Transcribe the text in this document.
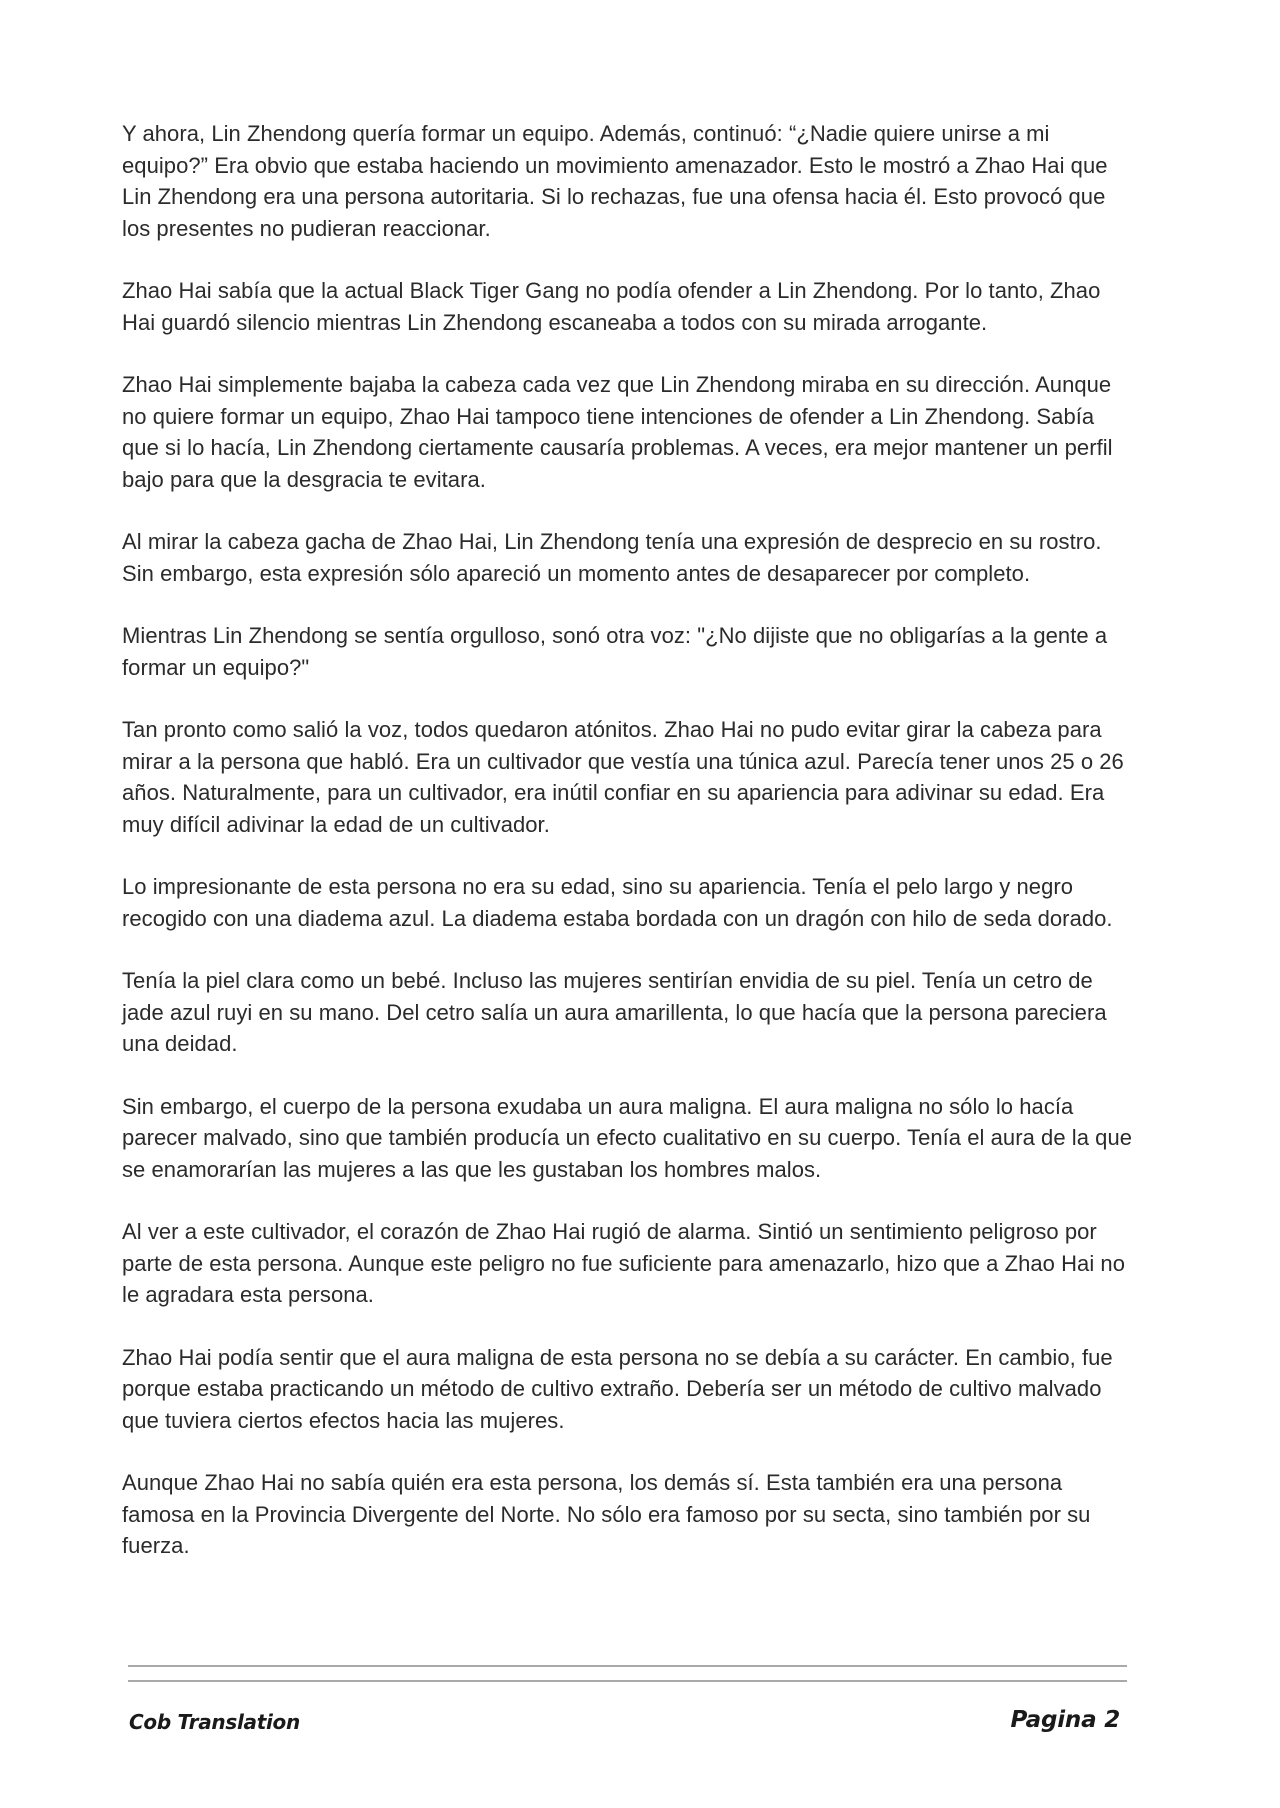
Y ahora, Lin Zhendong quería formar un equipo. Además, continuó: “¿Nadie quiere unirse a mi equipo?” Era obvio que estaba haciendo un movimiento amenazador. Esto le mostró a Zhao Hai que Lin Zhendong era una persona autoritaria. Si lo rechazas, fue una ofensa hacia él. Esto provocó que los presentes no pudieran reaccionar.

Zhao Hai sabía que la actual Black Tiger Gang no podía ofender a Lin Zhendong. Por lo tanto, Zhao Hai guardó silencio mientras Lin Zhendong escaneaba a todos con su mirada arrogante.

Zhao Hai simplemente bajaba la cabeza cada vez que Lin Zhendong miraba en su dirección. Aunque no quiere formar un equipo, Zhao Hai tampoco tiene intenciones de ofender a Lin Zhendong. Sabía que si lo hacía, Lin Zhendong ciertamente causaría problemas. A veces, era mejor mantener un perfil bajo para que la desgracia te evitara.

Al mirar la cabeza gacha de Zhao Hai, Lin Zhendong tenía una expresión de desprecio en su rostro. Sin embargo, esta expresión sólo apareció un momento antes de desaparecer por completo.

Mientras Lin Zhendong se sentía orgulloso, sonó otra voz: "¿No dijiste que no obligarías a la gente a formar un equipo?"

Tan pronto como salió la voz, todos quedaron atónitos. Zhao Hai no pudo evitar girar la cabeza para mirar a la persona que habló. Era un cultivador que vestía una túnica azul. Parecía tener unos 25 o 26 años. Naturalmente, para un cultivador, era inútil confiar en su apariencia para adivinar su edad. Era muy difícil adivinar la edad de un cultivador.

Lo impresionante de esta persona no era su edad, sino su apariencia. Tenía el pelo largo y negro recogido con una diadema azul. La diadema estaba bordada con un dragón con hilo de seda dorado.

Tenía la piel clara como un bebé. Incluso las mujeres sentirían envidia de su piel. Tenía un cetro de jade azul ruyi en su mano. Del cetro salía un aura amarillenta, lo que hacía que la persona pareciera una deidad.

Sin embargo, el cuerpo de la persona exudaba un aura maligna. El aura maligna no sólo lo hacía parecer malvado, sino que también producía un efecto cualitativo en su cuerpo. Tenía el aura de la que se enamorarían las mujeres a las que les gustaban los hombres malos.

Al ver a este cultivador, el corazón de Zhao Hai rugió de alarma. Sintió un sentimiento peligroso por parte de esta persona. Aunque este peligro no fue suficiente para amenazarlo, hizo que a Zhao Hai no le agradara esta persona.

Zhao Hai podía sentir que el aura maligna de esta persona no se debía a su carácter. En cambio, fue porque estaba practicando un método de cultivo extraño. Debería ser un método de cultivo malvado que tuviera ciertos efectos hacia las mujeres.

Aunque Zhao Hai no sabía quién era esta persona, los demás sí. Esta también era una persona famosa en la Provincia Divergente del Norte. No sólo era famoso por su secta, sino también por su fuerza.

Cob Translation	Pagina 2
